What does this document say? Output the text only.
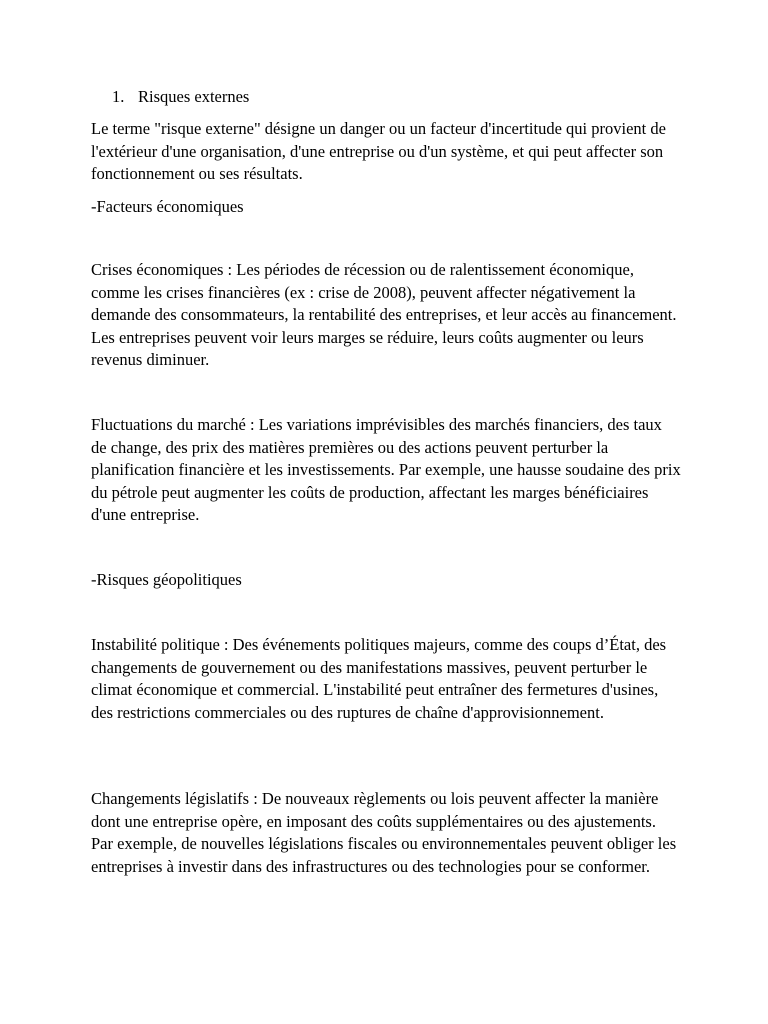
1. Risques externes

Le terme "risque externe" désigne un danger ou un facteur d'incertitude qui provient de l'extérieur d'une organisation, d'une entreprise ou d'un système, et qui peut affecter son fonctionnement ou ses résultats.

-Facteurs économiques

Crises économiques : Les périodes de récession ou de ralentissement économique, comme les crises financières (ex : crise de 2008), peuvent affecter négativement la demande des consommateurs, la rentabilité des entreprises, et leur accès au financement. Les entreprises peuvent voir leurs marges se réduire, leurs coûts augmenter ou leurs revenus diminuer.

Fluctuations du marché : Les variations imprévisibles des marchés financiers, des taux de change, des prix des matières premières ou des actions peuvent perturber la planification financière et les investissements. Par exemple, une hausse soudaine des prix du pétrole peut augmenter les coûts de production, affectant les marges bénéficiaires d'une entreprise.

-Risques géopolitiques

Instabilité politique : Des événements politiques majeurs, comme des coups d’État, des changements de gouvernement ou des manifestations massives, peuvent perturber le climat économique et commercial. L'instabilité peut entraîner des fermetures d'usines, des restrictions commerciales ou des ruptures de chaîne d'approvisionnement.

Changements législatifs : De nouveaux règlements ou lois peuvent affecter la manière dont une entreprise opère, en imposant des coûts supplémentaires ou des ajustements. Par exemple, de nouvelles législations fiscales ou environnementales peuvent obliger les entreprises à investir dans des infrastructures ou des technologies pour se conformer.
